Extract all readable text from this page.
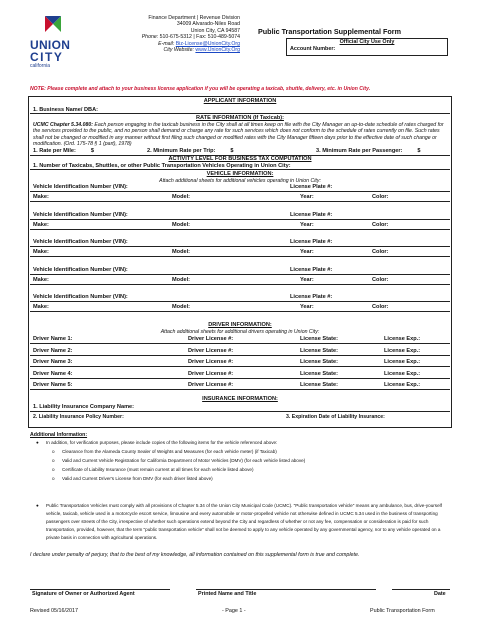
UNION
CITY
california
Finance Department | Revenue Division
34009 Alvarado-Niles Road
Union City, CA 94587
Phone: 510-675-5312 | Fax: 510-489-5074
E-mail: Biz-License@UnionCity.Org
City Website: www.UnionCity.Org
Public Transportation Supplemental Form
Official City Use Only
Account Number:
NOTE: Please complete and attach to your business license application if you will be operating a taxicab, shuttle, delivery, etc. in Union City.
APPLICANT INFORMATION
1. Business Name/ DBA:
RATE INFORMATION (If Taxicab):
UCMC Chapter 5.34.080: Each person engaging in the taxicab business in the City shall at all times keep on file with the City Manager an up-to-date schedule of rates charged for the services provided to the public, and no person shall demand or charge any rate for such services which does not conform to the schedule of rates currently on file. Such rates shall not be changed or modified in any manner without first filing such changed or modified rates with the City Manager fifteen days prior to the effective date of such change or modification. (Ord. 175-78 § 1 (part), 1978)
1. Rate per Mile:	$	2. Minimum Rate per Trip:	$	3. Minimum Rate per Passenger:	$
ACTIVITY LEVEL FOR BUSINESS TAX COMPUTATION
1. Number of Taxicabs, Shuttles, or other Public Transportation Vehicles Operating in Union City:
VEHICLE INFORMATION:
Attach additional sheets for additional vehicles operating in Union City:
Vehicle Identification Number (VIN):	License Plate #:
Make:	Model:	Year:	Color:
Vehicle Identification Number (VIN):	License Plate #:
Make:	Model:	Year:	Color:
Vehicle Identification Number (VIN):	License Plate #:
Make:	Model:	Year:	Color:
Vehicle Identification Number (VIN):	License Plate #:
Make:	Model:	Year:	Color:
Vehicle Identification Number (VIN):	License Plate #:
Make:	Model:	Year:	Color:
DRIVER INFORMATION:
Attach additional sheets for additional drivers operating in Union City:
Driver Name 1:	Driver License #:	License State:	License Exp.:
Driver Name 2:	Driver License #:	License State:	License Exp.:
Driver Name 3:	Driver License #:	License State:	License Exp.:
Driver Name 4:	Driver License #:	License State:	License Exp.:
Driver Name 5:	Driver License #:	License State:	License Exp.:
INSURANCE INFORMATION:
1. Liability Insurance Company Name:
2. Liability Insurance Policy Number:	3. Expiration Date of Liability Insurance:
Additional Information:
● In addition, for verification purposes, please include copies of the following items for the vehicle referenced above:
o Clearance from the Alameda County Sealer of Weights and Measures (for each vehicle meter) (if Taxicab)
o Valid and Current Vehicle Registration for California Department of Motor Vehicles (DMV) (for each vehicle listed above)
o Certificate of Liability Insurance (must remain current at all times for each vehicle listed above)
o Valid and Current Driver's License from DMV (for each driver listed above)
● Public Transportation Vehicles must comply with all provisions of Chapter 5.34 of the Union City Municipal Code (UCMC). "Public transportation vehicle" means any ambulance, bus, drive-yourself vehicle, taxicab, vehicle used in a motorcycle escort service, limousine and every automobile or motor-propelled vehicle not otherwise defined in UCMC 5.34 used in the business of transporting passengers over streets of the City, irrespective of whether such operations extend beyond the City and regardless of whether or not any fee, compensation or consideration is paid for such transportation, provided, however, that the term "public transportation vehicle" shall not be deemed to apply to any vehicle operated by any governmental agency, nor to any vehicle operated on a private basis in connection with agricultural operations.
I declare under penalty of perjury, that to the best of my knowledge, all information contained on this supplemental form is true and complete.
Signature of Owner or Authorized Agent	Printed Name and Title	Date
Revised 05/16/2017	- Page 1 -	Public Transportation Form
